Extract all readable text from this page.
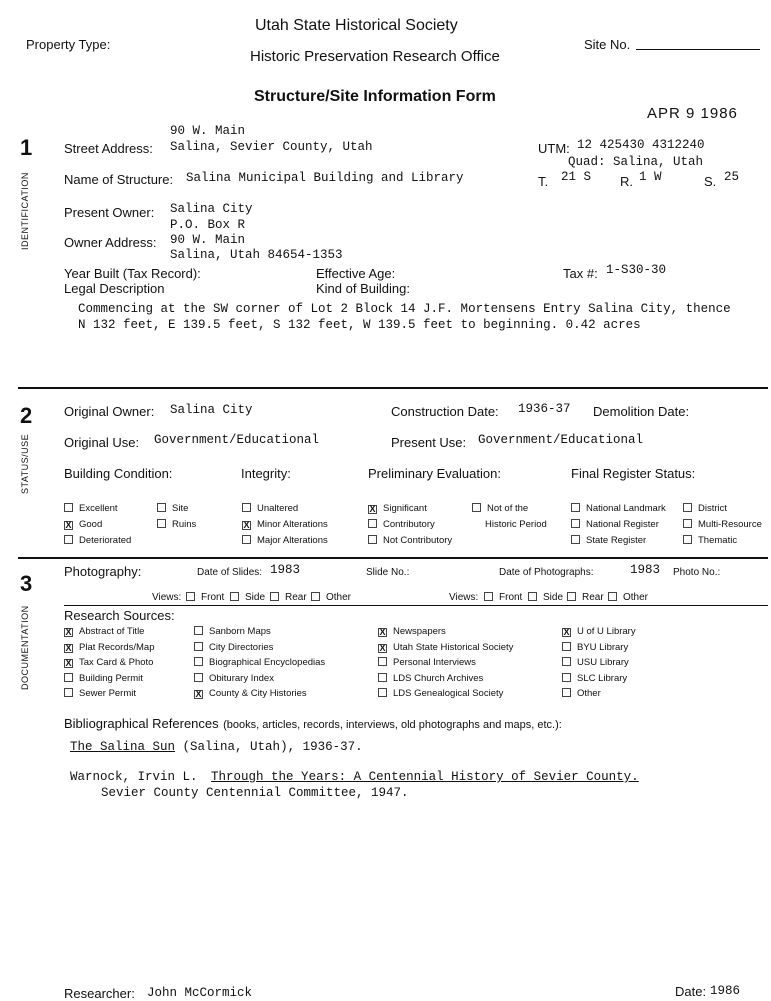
Utah State Historical Society
Property Type:
Historic Preservation Research Office
Site No.
Structure/Site Information Form
APR 9 1986
1
IDENTIFICATION
90 W. Main
Street Address: Salina, Sevier County, Utah	UTM: 12 425430 4312240
Quad: Salina, Utah
Name of Structure: Salina Municipal Building and Library	T. 21 S R. 1 W	S. 25
Present Owner: Salina City
P.O. Box R
Owner Address: 90 W. Main
Salina, Utah 84654-1353
Year Built (Tax Record):	Effective Age:	Tax #: 1-S30-30
Legal Description	Kind of Building:
Commencing at the SW corner of Lot 2 Block 14 J.F. Mortensens Entry Salina City, thence
N 132 feet, E 139.5 feet, S 132 feet, W 139.5 feet to beginning. 0.42 acres
2
STATUS/USE
Original Owner: Salina City	Construction Date: 1936-37 Demolition Date:
Original Use: Government/Educational	Present Use: Government/Educational
Building Condition:	Integrity:	Preliminary Evaluation:	Final Register Status:
Excellent
X Good
Deteriorated
Site
Ruins
Unaltered
X Minor Alterations
Major Alterations
X Significant
Contributory
Not Contributory
Not of the
Historic Period
National Landmark
National Register
State Register
District
Multi-Resource
Thematic
3
DOCUMENTATION
Photography:	Date of Slides: 1983	Slide No.:	Date of Photographs:	1983 Photo No.:
Views:	Front	Side	Rear	Other	Views:	Front	Side	Rear	Other
Research Sources:
X Abstract of Title
X Plat Records/Map
X Tax Card & Photo
Building Permit
Sewer Permit
Sanborn Maps
City Directories
Biographical Encyclopedias
Obiturary Index
X County & City Histories
X Newspapers
X Utah State Historical Society
Personal Interviews
LDS Church Archives
LDS Genealogical Society
X U of U Library
BYU Library
USU Library
SLC Library
Other
Bibliographical References (books, articles, records, interviews, old photographs and maps, etc.):
The Salina Sun (Salina, Utah), 1936-37.
Warnock, Irvin L. Through the Years: A Centennial History of Sevier County.
Sevier County Centennial Committee, 1947.
Researcher: John McCormick	Date: 1986
